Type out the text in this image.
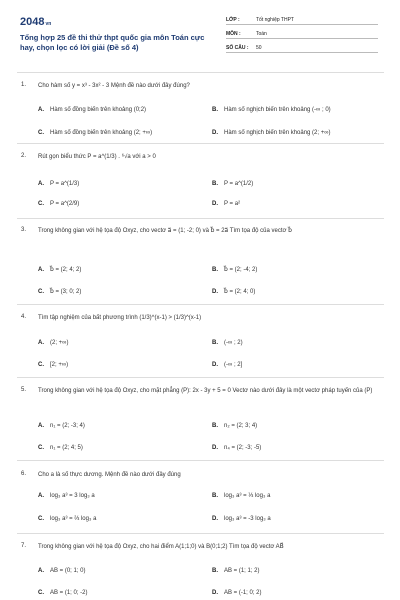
2048vn
Tổng hợp 25 đề thi thử thpt quốc gia môn Toán cực hay, chọn lọc có lời giải (Đề số 4)
LỚP :	Tốt nghiệp THPT
MÔN :	Toán
SỐ CÂU : 50
1. Cho hàm số y = x³ - 3x² - 3 Mệnh đề nào dưới đây đúng?
A. Hàm số đồng biến trên khoảng (0;2)	B. Hàm số nghịch biến trên khoảng (-∞ ; 0)
C. Hàm số đồng biến trên khoảng (2; +∞)	D. Hàm số nghịch biến trên khoảng (2; +∞)
2. Rút gọn biểu thức P = a^(1/3) . ⁶√a với a > 0
A. P = a^(1/3)	B. P = a^(1/2)
C. P = a^(2/9)	D. P = a²
3. Trong không gian với hệ tọa độ Oxyz, cho vectơ a⃗ = (1; -2; 0) và b⃗ = 2a⃗ Tìm tọa độ của vectơ b⃗
A. b⃗ = (2; 4; 2)	B. b⃗ = (2; -4; 2)
C. b⃗ = (3; 0; 2)	D. b⃗ = (2; 4; 0)
4. Tìm tập nghiệm của bất phương trình (1/3)^(x-1) > (1/3)^(x-1)
A. (2; +∞)	B. (-∞ ; 2)
C. [2; +∞)	D. (-∞ ; 2]
5. Trong không gian với hệ tọa độ Oxyz, cho mặt phẳng (P): 2x - 3y + 5 = 0 Vectơ nào dưới đây là một vectơ pháp tuyến của (P)
A. n₁ = (2; -3; 4)	B. n₂ = (2; 3; 4)
C. n₁ = (2; 4; 5)	D. n₄ = (2; -3; -5)
6. Cho a là số thực dương. Mệnh đề nào dưới đây đúng
A. log₃ a³ = 3 log₃ a	B. log₃ a³ = ⅓ log₃ a
C. log₃ a³ = ⅔ log₃ a	D. log₃ a³ = -3 log₃ a
7. Trong không gian với hệ tọa độ Oxyz, cho hai điểm A(1;1;0) và B(0;1;2) Tìm tọa độ vectơ AB⃗
A. AB = (0; 1; 0)	B. AB = (1; 1; 2)
C. AB = (1; 0; -2)	D. AB = (-1; 0; 2)
